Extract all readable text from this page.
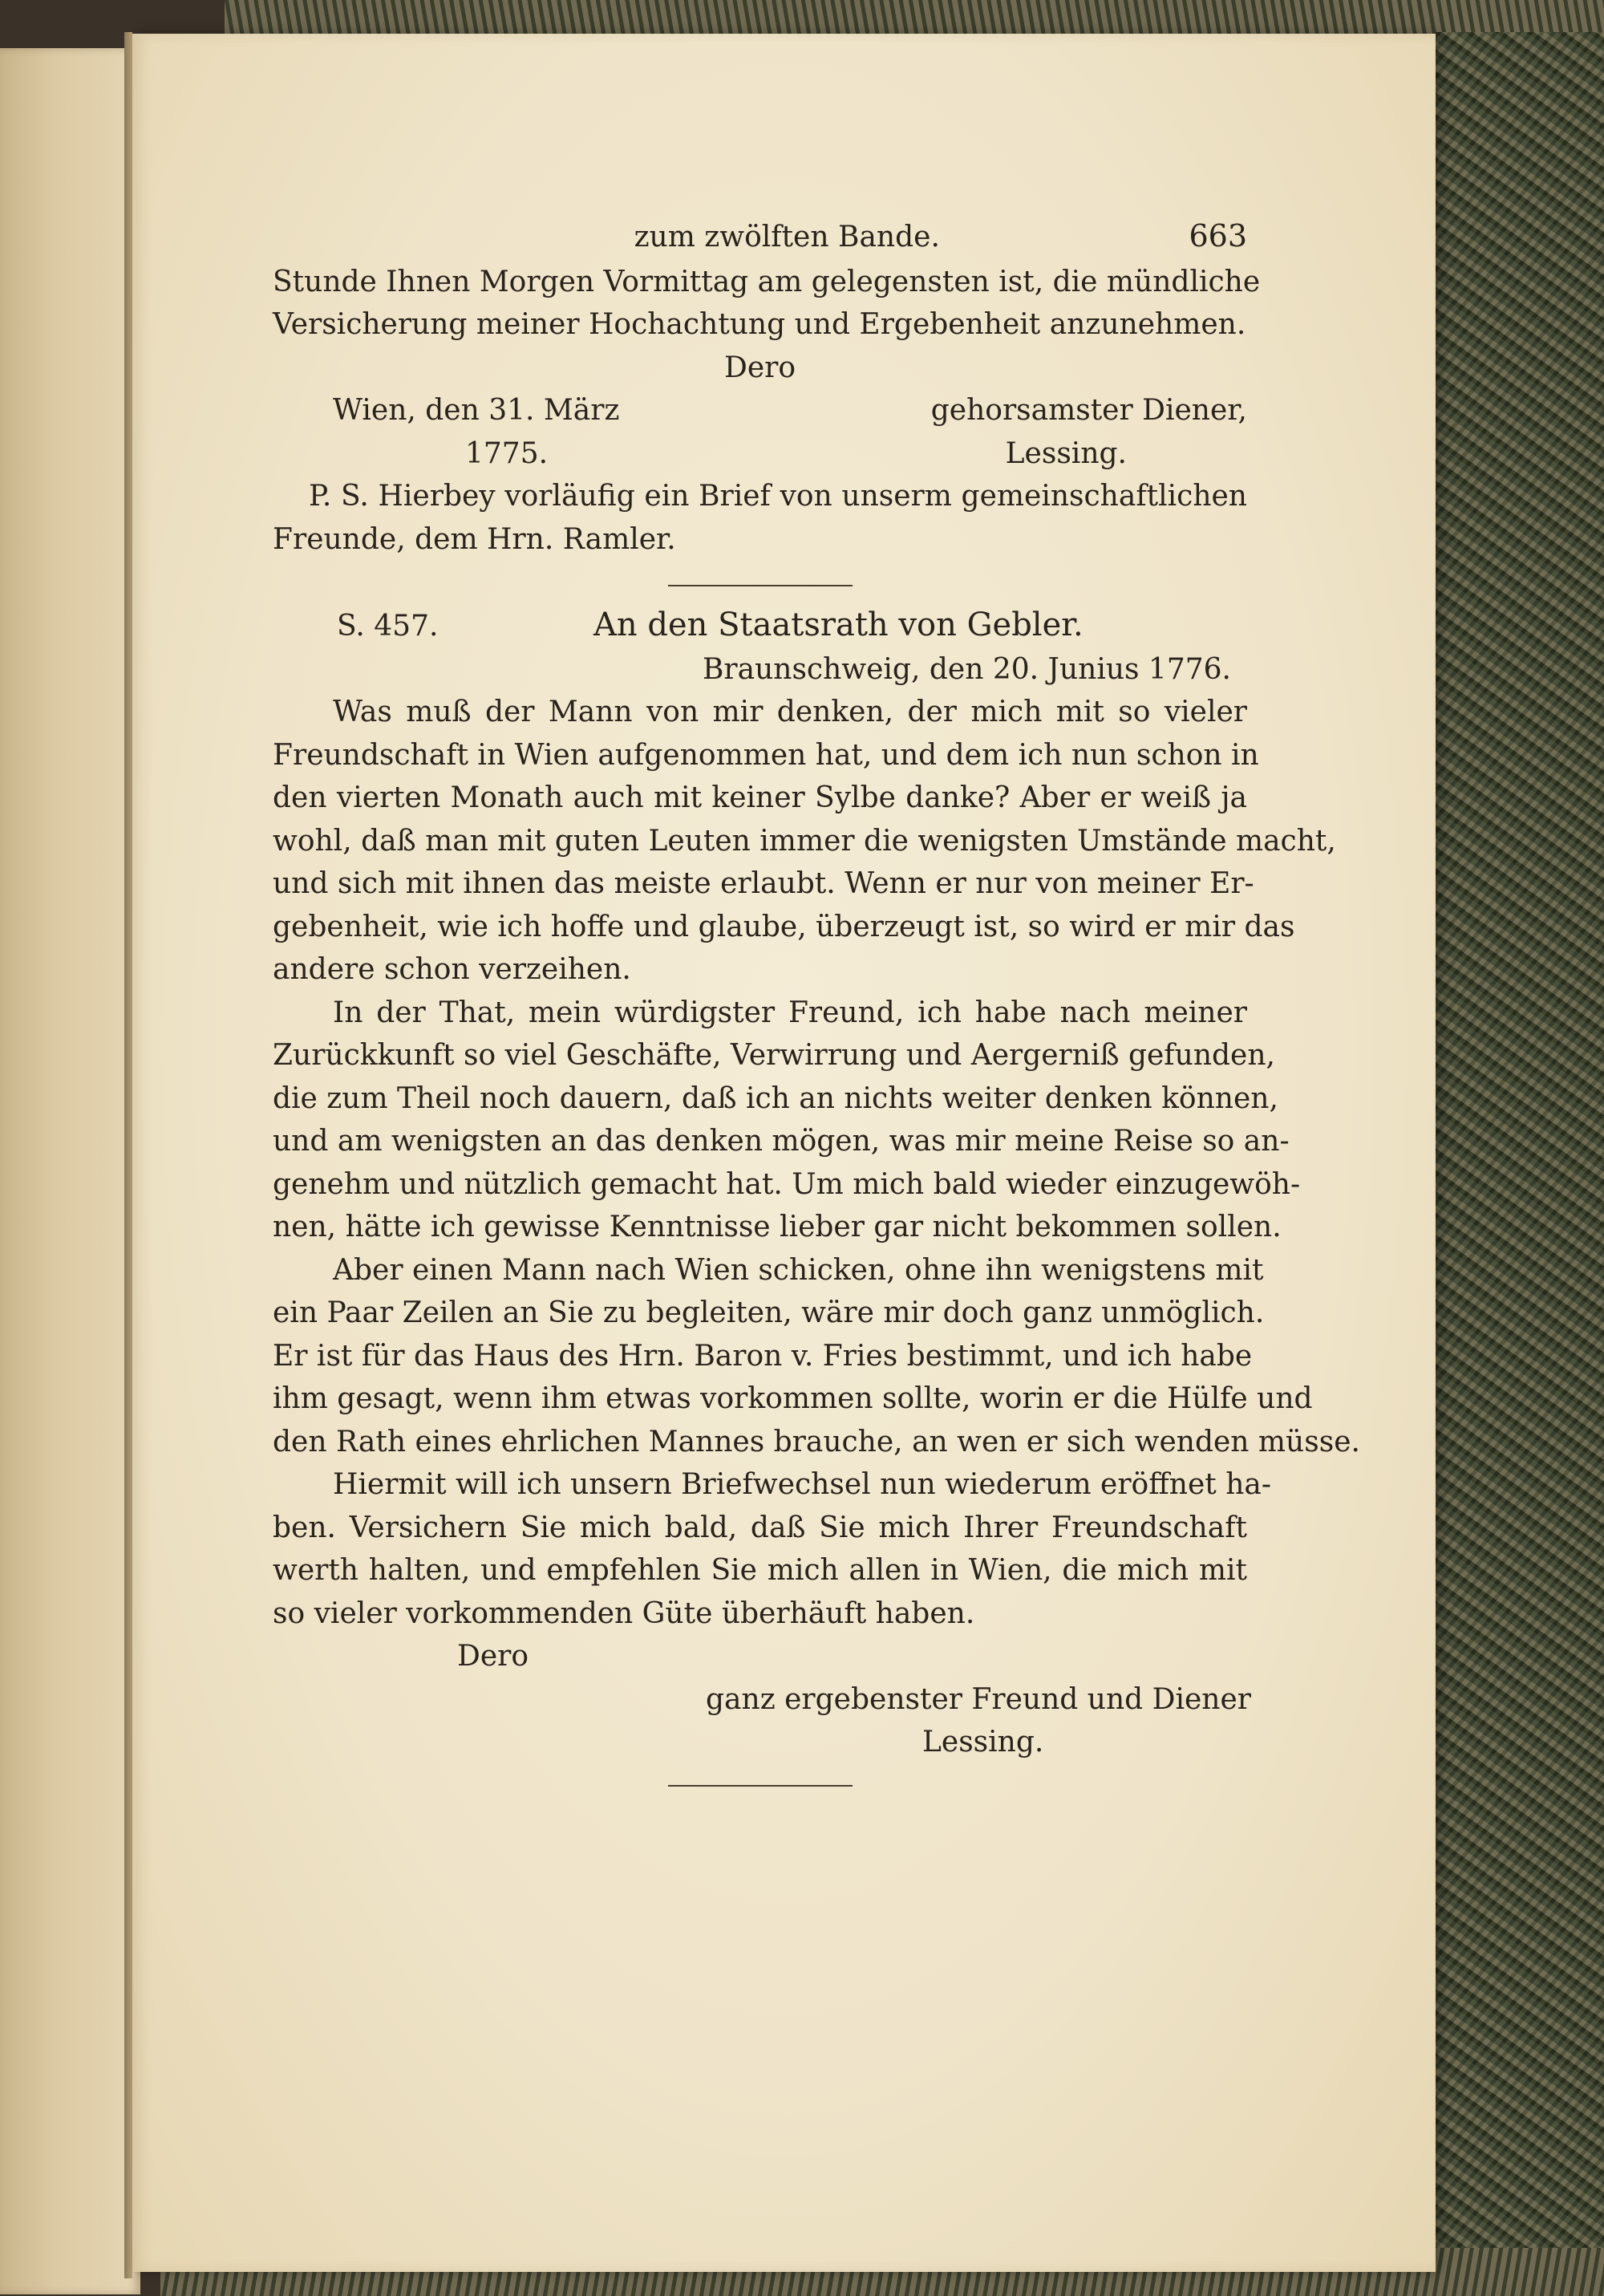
zum zwölften Bande.	663
Stunde Ihnen Morgen Vormittag am gelegensten ist, die mündliche
Versicherung meiner Hochachtung und Ergebenheit anzunehmen.
Dero
Wien, den 31. März	gehorsamster Diener,
1775.	Lessing.
P. S. Hierbey vorläufig ein Brief von unserm gemeinschaftlichen
Freunde, dem Hrn. Ramler.
S. 457.	An den Staatsrath von Gebler.
Braunschweig, den 20. Junius 1776.
Was muß der Mann von mir denken, der mich mit so vieler
Freundschaft in Wien aufgenommen hat, und dem ich nun schon in
den vierten Monath auch mit keiner Sylbe danke? Aber er weiß ja
wohl, daß man mit guten Leuten immer die wenigsten Umstände macht,
und sich mit ihnen das meiste erlaubt. Wenn er nur von meiner Er-
gebenheit, wie ich hoffe und glaube, überzeugt ist, so wird er mir das
andere schon verzeihen.
In der That, mein würdigster Freund, ich habe nach meiner
Zurückkunft so viel Geschäfte, Verwirrung und Aergerniß gefunden,
die zum Theil noch dauern, daß ich an nichts weiter denken können,
und am wenigsten an das denken mögen, was mir meine Reise so an-
genehm und nützlich gemacht hat. Um mich bald wieder einzugewöh-
nen, hätte ich gewisse Kenntnisse lieber gar nicht bekommen sollen.
Aber einen Mann nach Wien schicken, ohne ihn wenigstens mit
ein Paar Zeilen an Sie zu begleiten, wäre mir doch ganz unmöglich.
Er ist für das Haus des Hrn. Baron v. Fries bestimmt, und ich habe
ihm gesagt, wenn ihm etwas vorkommen sollte, worin er die Hülfe und
den Rath eines ehrlichen Mannes brauche, an wen er sich wenden müsse.
Hiermit will ich unsern Briefwechsel nun wiederum eröffnet ha-
ben. Versichern Sie mich bald, daß Sie mich Ihrer Freundschaft
werth halten, und empfehlen Sie mich allen in Wien, die mich mit
so vieler vorkommenden Güte überhäuft haben.
Dero
ganz ergebenster Freund und Diener
Lessing.
